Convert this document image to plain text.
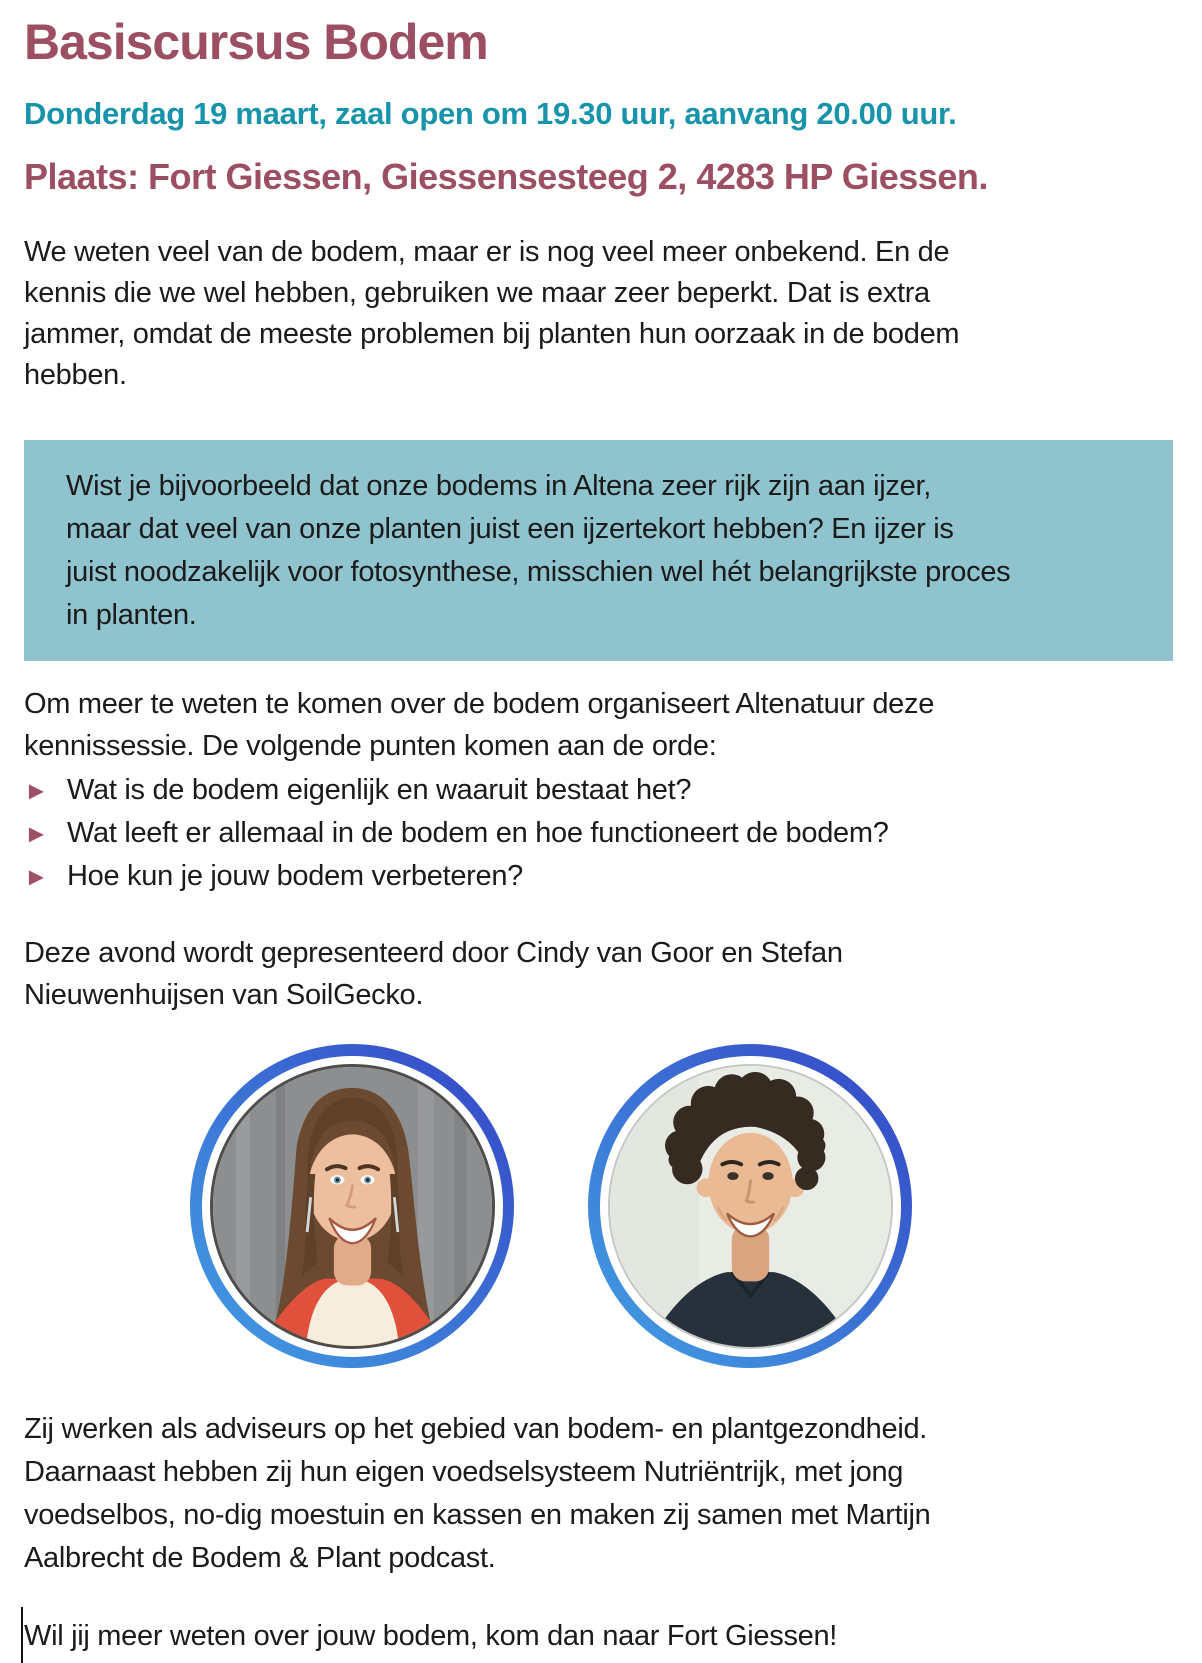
Basiscursus Bodem
Donderdag 19 maart, zaal open om 19.30 uur, aanvang 20.00 uur.
Plaats: Fort Giessen, Giessensesteeg 2, 4283 HP Giessen.
We weten veel van de bodem, maar er is nog veel meer onbekend. En de
kennis die we wel hebben, gebruiken we maar zeer beperkt. Dat is extra
jammer, omdat de meeste problemen bij planten hun oorzaak in de bodem
hebben.
Wist je bijvoorbeeld dat onze bodems in Altena zeer rijk zijn aan ijzer,
maar dat veel van onze planten juist een ijzertekort hebben? En ijzer is
juist noodzakelijk voor fotosynthese, misschien wel hét belangrijkste proces
in planten.
Om meer te weten te komen over de bodem organiseert Altenatuur deze
kennissessie. De volgende punten komen aan de orde:
► Wat is de bodem eigenlijk en waaruit bestaat het?
► Wat leeft er allemaal in de bodem en hoe functioneert de bodem?
► Hoe kun je jouw bodem verbeteren?
Deze avond wordt gepresenteerd door Cindy van Goor en Stefan
Nieuwenhuijsen van SoilGecko.
Zij werken als adviseurs op het gebied van bodem- en plantgezondheid.
Daarnaast hebben zij hun eigen voedselsysteem Nutriëntrijk, met jong
voedselbos, no-dig moestuin en kassen en maken zij samen met Martijn
Aalbrecht de Bodem & Plant podcast.
Wil jij meer weten over jouw bodem, kom dan naar Fort Giessen!
